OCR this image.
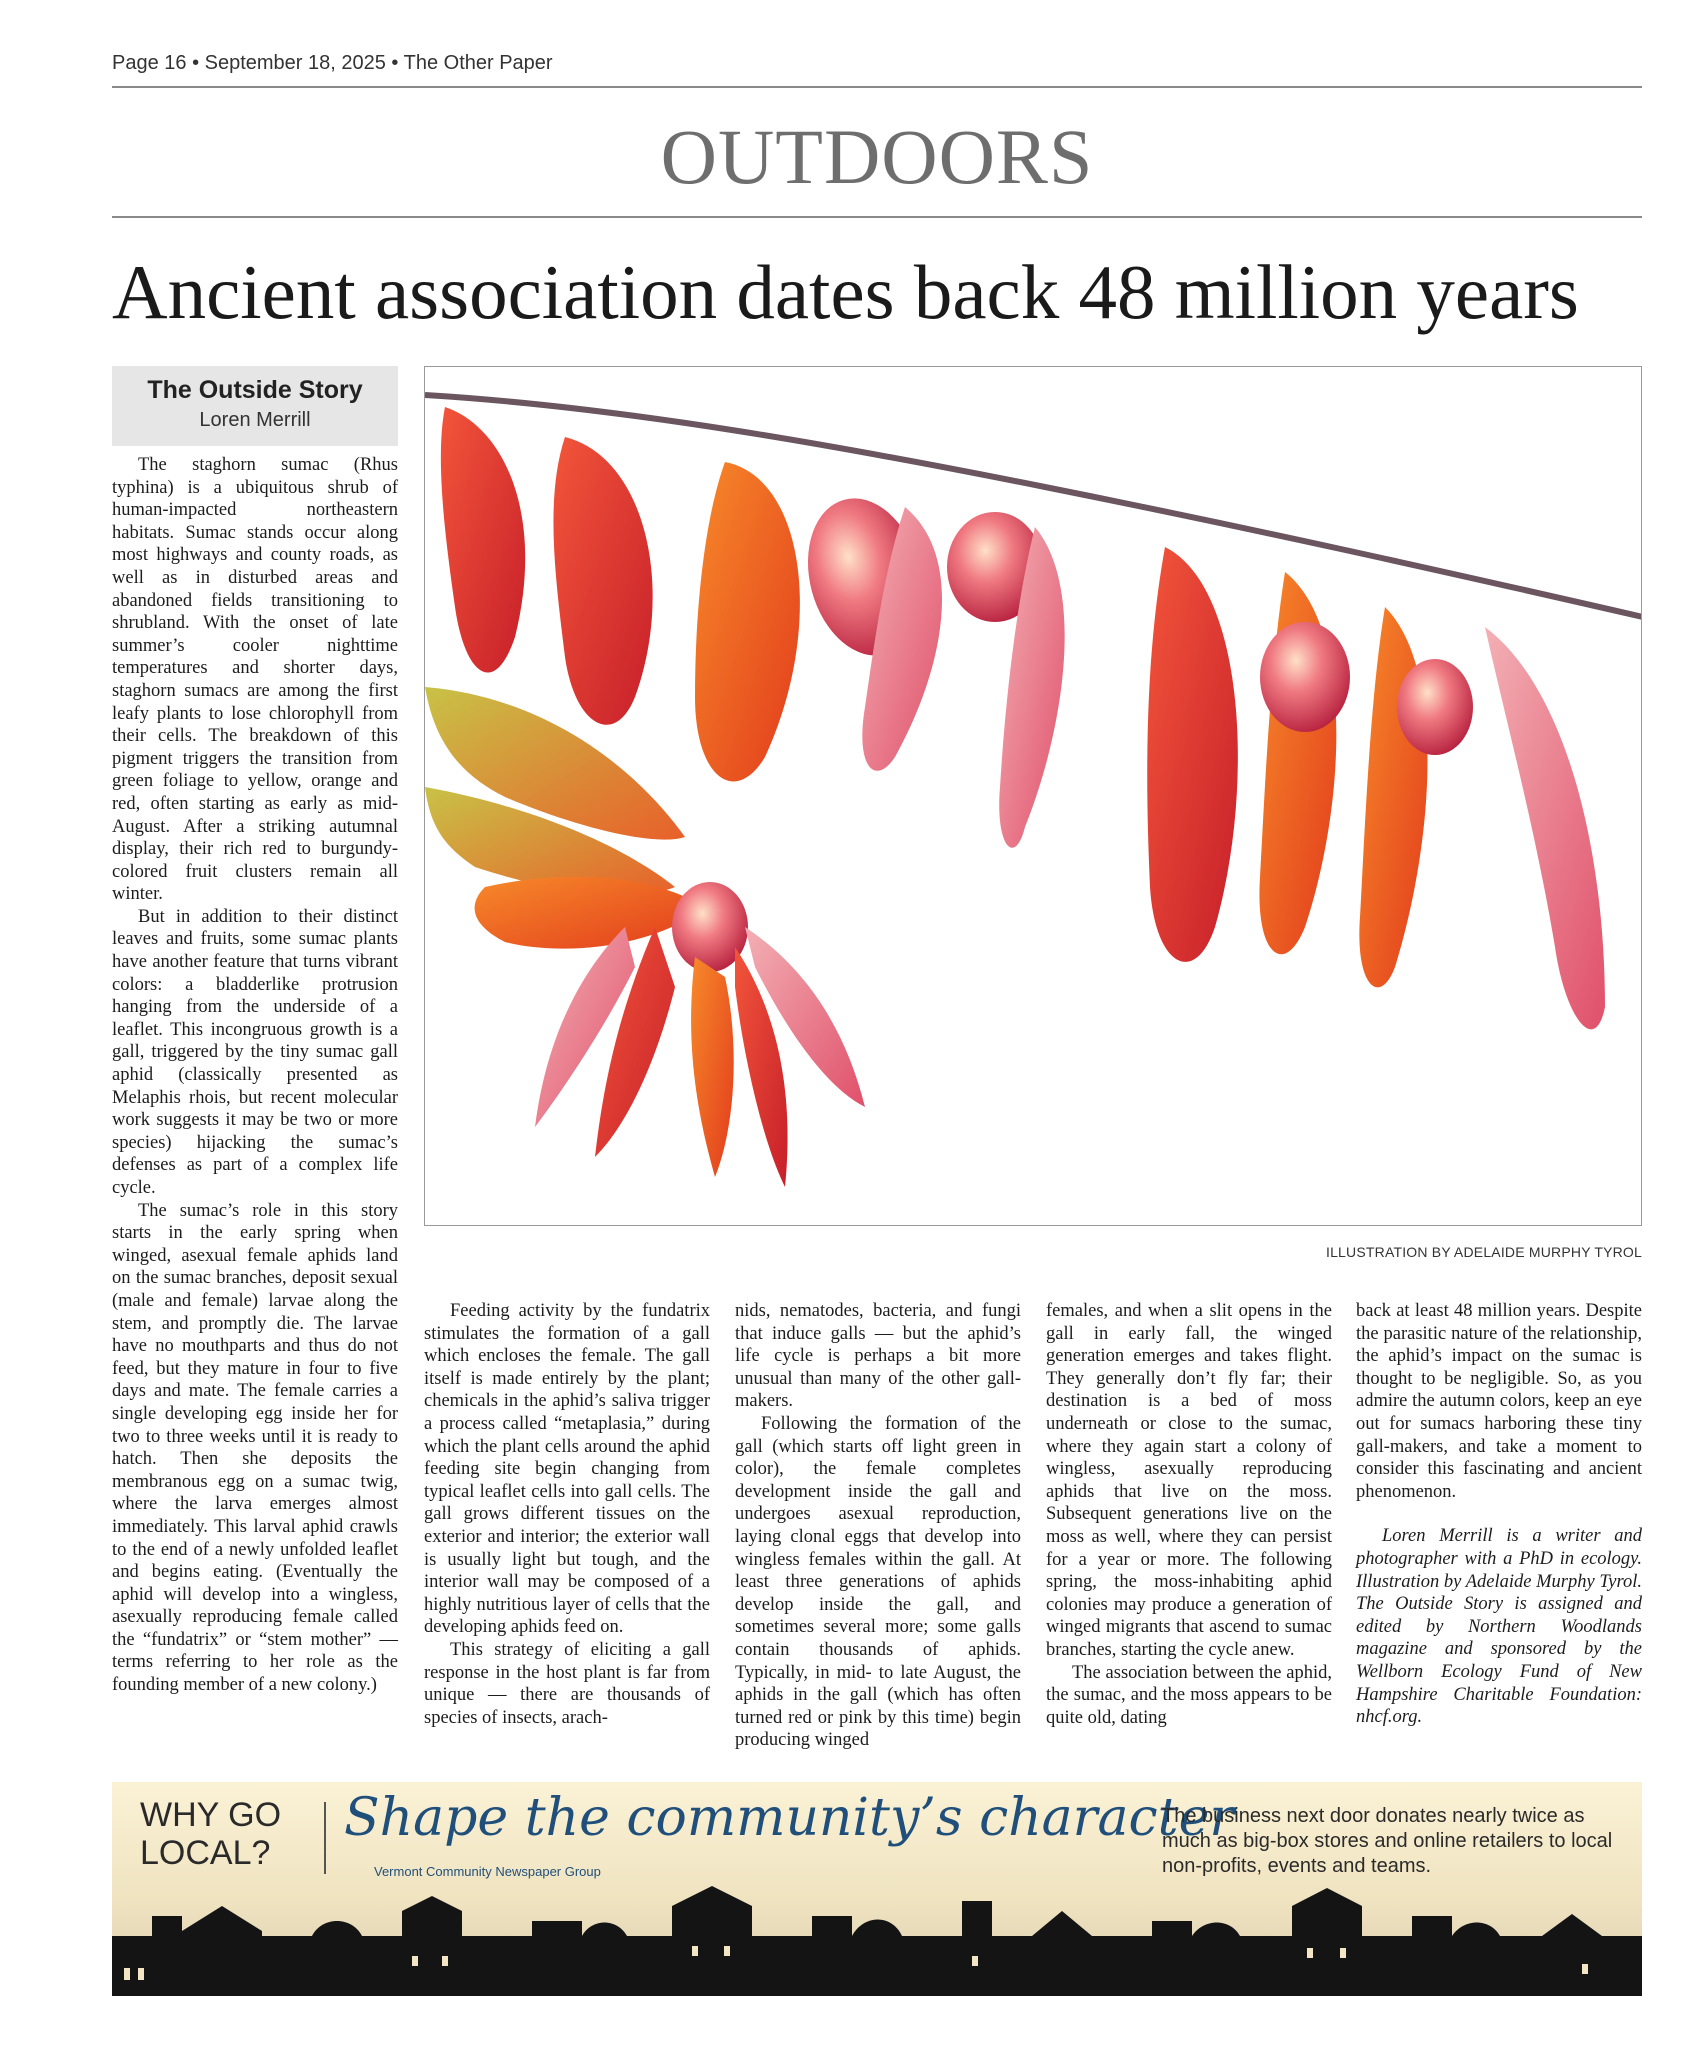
Page 16 • September 18, 2025 • The Other Paper
OUTDOORS
Ancient association dates back 48 million years
The Outside Story
Loren Merrill

The staghorn sumac (Rhus typhina) is a ubiquitous shrub of human-impacted northeastern habitats. Sumac stands occur along most highways and county roads, as well as in disturbed areas and abandoned fields transitioning to shrubland. With the onset of late summer’s cooler nighttime temperatures and shorter days, staghorn sumacs are among the first leafy plants to lose chlorophyll from their cells. The breakdown of this pigment triggers the transition from green foliage to yellow, orange and red, often starting as early as mid-August. After a striking autumnal display, their rich red to burgundy-colored fruit clusters remain all winter.

But in addition to their distinct leaves and fruits, some sumac plants have another feature that turns vibrant colors: a bladderlike protrusion hanging from the underside of a leaflet. This incongruous growth is a gall, triggered by the tiny sumac gall aphid (classically presented as Melaphis rhois, but recent molecular work suggests it may be two or more species) hijacking the sumac’s defenses as part of a complex life cycle.

The sumac’s role in this story starts in the early spring when winged, asexual female aphids land on the sumac branches, deposit sexual (male and female) larvae along the stem, and promptly die. The larvae have no mouthparts and thus do not feed, but they mature in four to five days and mate. The female carries a single developing egg inside her for two to three weeks until it is ready to hatch. Then she deposits the membranous egg on a sumac twig, where the larva emerges almost immediately. This larval aphid crawls to the end of a newly unfolded leaflet and begins eating. (Eventually the aphid will develop into a wingless, asexually reproducing female called the “fundatrix” or “stem mother” — terms referring to her role as the founding member of a new colony.)

ILLUSTRATION BY ADELAIDE MURPHY TYROL

Feeding activity by the fundatrix stimulates the formation of a gall which encloses the female. The gall itself is made entirely by the plant; chemicals in the aphid’s saliva trigger a process called “metaplasia,” during which the plant cells around the aphid feeding site begin changing from typical leaflet cells into gall cells. The gall grows different tissues on the exterior and interior; the exterior wall is usually light but tough, and the interior wall may be composed of a highly nutritious layer of cells that the developing aphids feed on.

This strategy of eliciting a gall response in the host plant is far from unique — there are thousands of species of insects, arach-

nids, nematodes, bacteria, and fungi that induce galls — but the aphid’s life cycle is perhaps a bit more unusual than many of the other gall-makers.

Following the formation of the gall (which starts off light green in color), the female completes development inside the gall and undergoes asexual reproduction, laying clonal eggs that develop into wingless females within the gall. At least three generations of aphids develop inside the gall, and sometimes several more; some galls contain thousands of aphids. Typically, in mid- to late August, the aphids in the gall (which has often turned red or pink by this time) begin producing winged

females, and when a slit opens in the gall in early fall, the winged generation emerges and takes flight. They generally don’t fly far; their destination is a bed of moss underneath or close to the sumac, where they again start a colony of wingless, asexually reproducing aphids that live on the moss. Subsequent generations live on the moss as well, where they can persist for a year or more. The following spring, the moss-inhabiting aphid colonies may produce a generation of winged migrants that ascend to sumac branches, starting the cycle anew.

The association between the aphid, the sumac, and the moss appears to be quite old, dating

back at least 48 million years. Despite the parasitic nature of the relationship, the aphid’s impact on the sumac is thought to be negligible. So, as you admire the autumn colors, keep an eye out for sumacs harboring these tiny gall-makers, and take a moment to consider this fascinating and ancient phenomenon.

Loren Merrill is a writer and photographer with a PhD in ecology. Illustration by Adelaide Murphy Tyrol. The Outside Story is assigned and edited by Northern Woodlands magazine and sponsored by the Wellborn Ecology Fund of New Hampshire Charitable Foundation: nhcf.org.

WHY GO
LOCAL?
Shape the community’s character
Vermont Community Newspaper Group
The business next door donates nearly twice as much as big-box stores and online retailers to local non-profits, events and teams.
